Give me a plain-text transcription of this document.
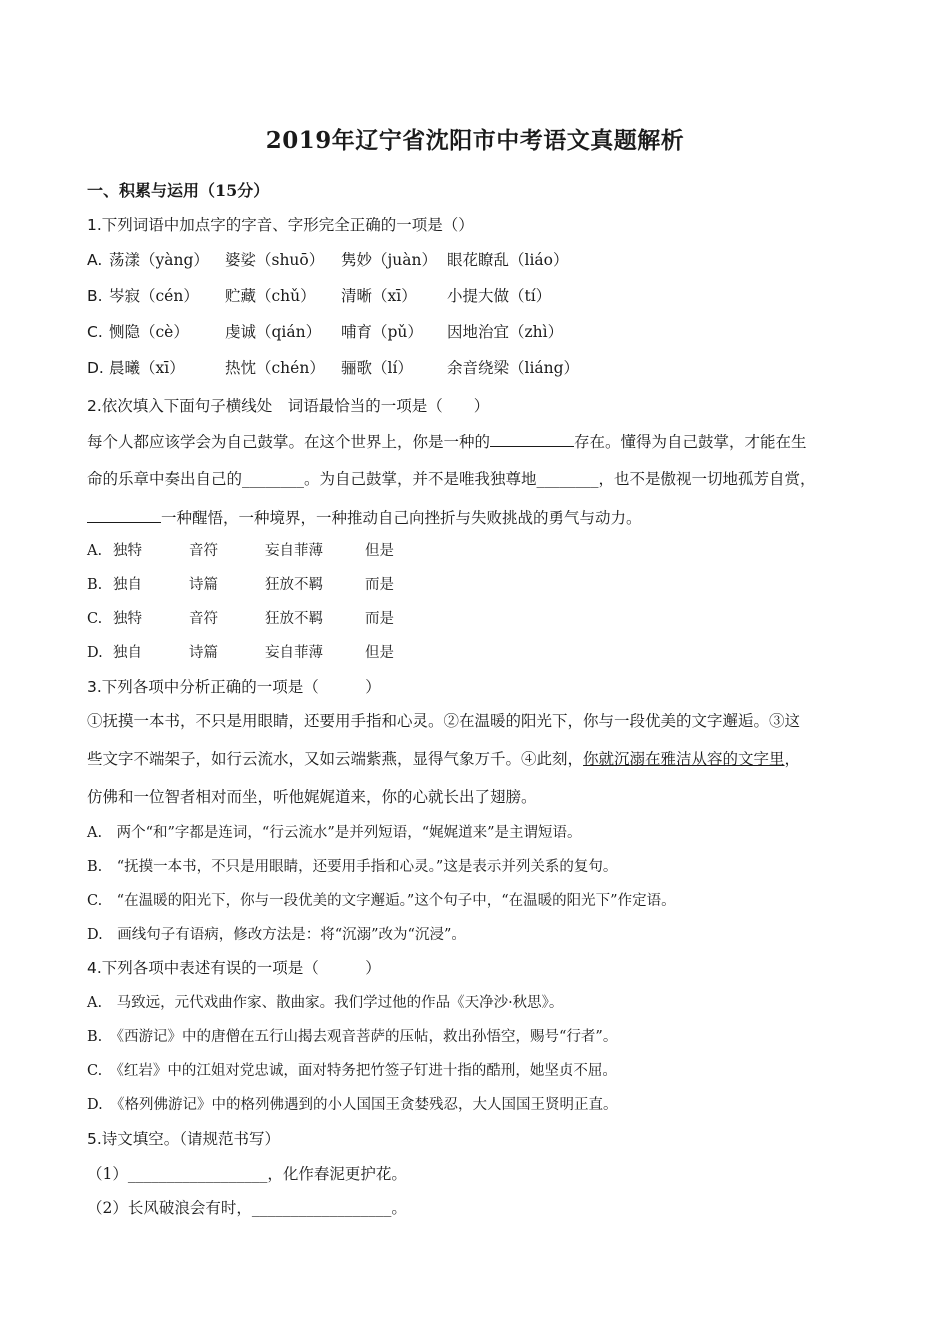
2019年辽宁省沈阳市中考语文真题解析
一、积累与运用（15分）
1.下列词语中加点字的字音、字形完全正确的一项是（）
A. 荡漾（yàng）	婆娑（shuō）	隽妙（juàn） 眼花瞭乱（liáo）
B. 岑寂（cén）	贮藏（chǔ）	清晰（xī）	小提大做（tí）
C. 恻隐（cè）	虔诚（qián）	哺育（pǔ）	因地治宜（zhì）
D. 晨曦（xī）	热忱（chén）	骊歌（lí）	余音绕梁（liáng）
2.依次填入下面句子横线处　词语最恰当的一项是（　　）
每个人都应该学会为自己鼓掌。在这个世界上，你是一种的	存在。懂得为自己鼓掌，才能在生
命的乐章中奏出自己的________。为自己鼓掌，并不是唯我独尊地________，也不是傲视一切地孤芳自赏，
一种醒悟，一种境界，一种推动自己向挫折与失败挑战的勇气与动力。
A. 独特	音符	妄自菲薄	但是
B. 独自	诗篇	狂放不羁	而是
C. 独特	音符	狂放不羁	而是
D. 独自	诗篇	妄自菲薄	但是
3.下列各项中分析正确的一项是（　　　）
①抚摸一本书，不只是用眼睛，还要用手指和心灵。②在温暖的阳光下，你与一段优美的文字邂逅。③这
些文字不端架子，如行云流水，又如云端紫燕，显得气象万千。④此刻，你就沉溺在雅洁从容的文字里，
仿佛和一位智者相对而坐，听他娓娓道来，你的心就长出了翅膀。
A.　两个“和”字都是连词，“行云流水”是并列短语，“娓娓道来”是主谓短语。
B.　“抚摸一本书，不只是用眼睛，还要用手指和心灵。”这是表示并列关系的复句。
C.　“在温暖的阳光下，你与一段优美的文字邂逅。”这个句子中，“在温暖的阳光下”作定语。
D.　画线句子有语病，修改方法是：将“沉溺”改为“沉浸”。
4.下列各项中表述有误的一项是（　　　）
A.　马致远，元代戏曲作家、散曲家。我们学过他的作品《天净沙·秋思》。
B.　《西游记》中的唐僧在五行山揭去观音菩萨的压帖，救出孙悟空，赐号“行者”。
C.　《红岩》中的江姐对党忠诚，面对特务把竹签子钉进十指的酷刑，她坚贞不屈。
D.　《格列佛游记》中的格列佛遇到的小人国国王贪婪残忍，大人国国王贤明正直。
5.诗文填空。（请规范书写）
（1）__________________，化作春泥更护花。
（2）长风破浪会有时，__________________。
